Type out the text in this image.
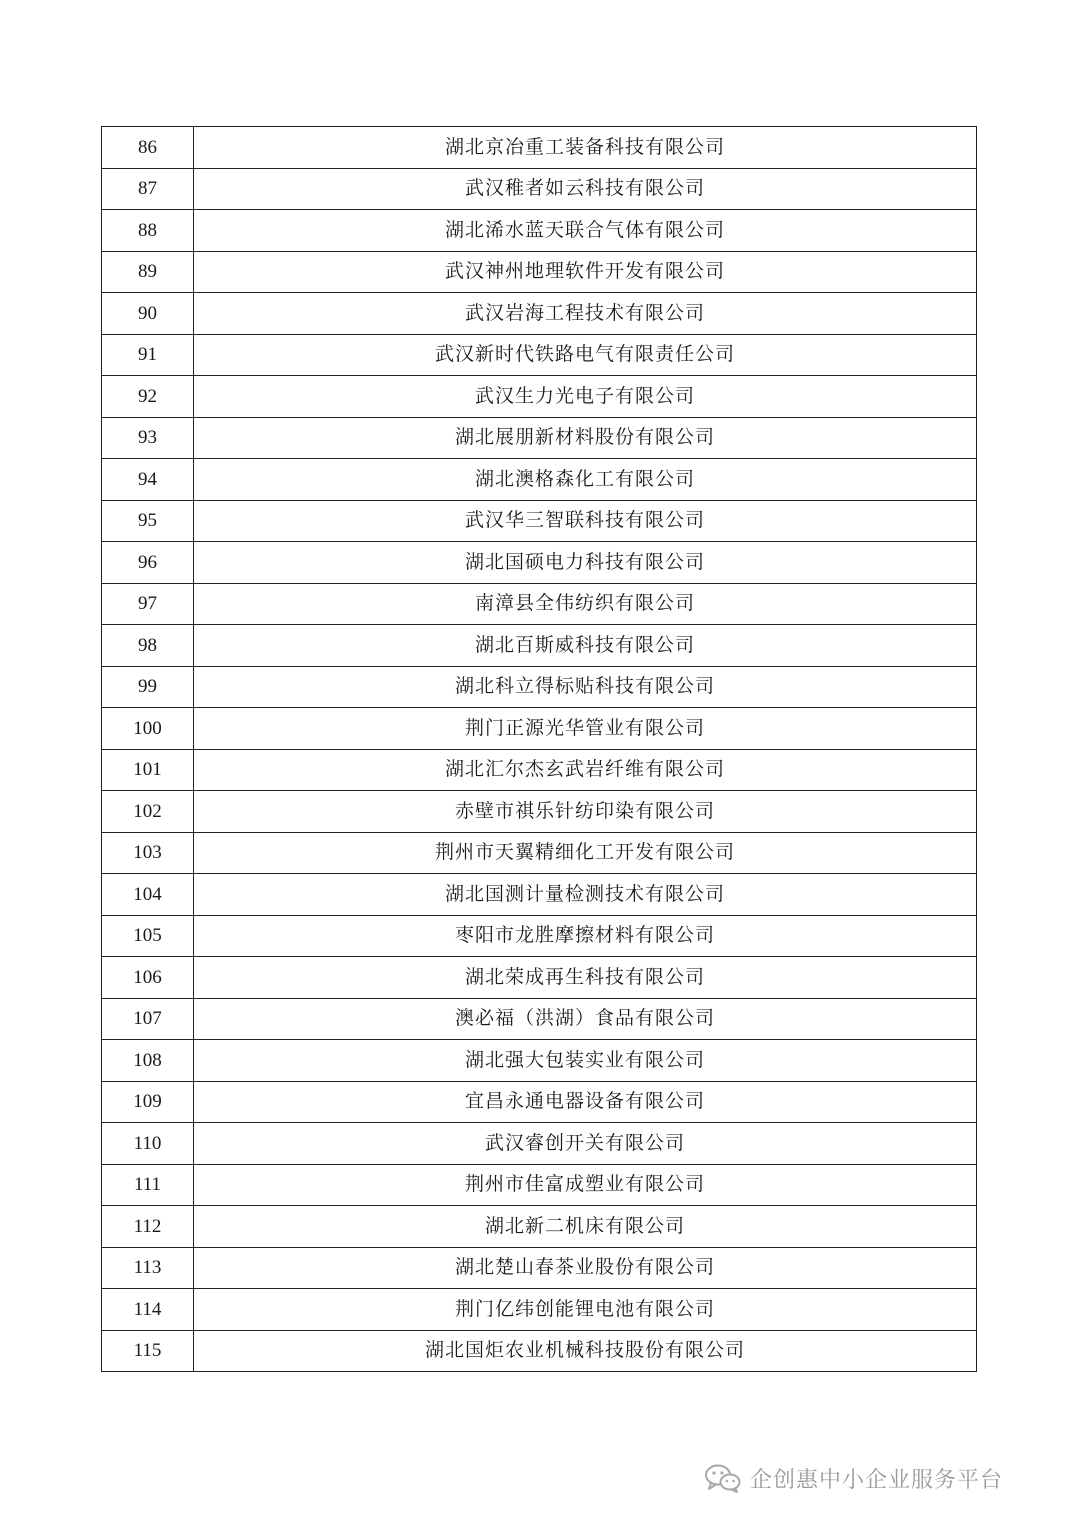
86	湖北京冶重工装备科技有限公司
87	武汉稚者如云科技有限公司
88	湖北浠水蓝天联合气体有限公司
89	武汉神州地理软件开发有限公司
90	武汉岩海工程技术有限公司
91	武汉新时代铁路电气有限责任公司
92	武汉生力光电子有限公司
93	湖北展朋新材料股份有限公司
94	湖北澳格森化工有限公司
95	武汉华三智联科技有限公司
96	湖北国硕电力科技有限公司
97	南漳县全伟纺织有限公司
98	湖北百斯威科技有限公司
99	湖北科立得标贴科技有限公司
100	荆门正源光华管业有限公司
101	湖北汇尔杰玄武岩纤维有限公司
102	赤壁市祺乐针纺印染有限公司
103	荆州市天翼精细化工开发有限公司
104	湖北国测计量检测技术有限公司
105	枣阳市龙胜摩擦材料有限公司
106	湖北荣成再生科技有限公司
107	澳必福（洪湖）食品有限公司
108	湖北强大包装实业有限公司
109	宜昌永通电器设备有限公司
110	武汉睿创开关有限公司
111	荆州市佳富成塑业有限公司
112	湖北新二机床有限公司
113	湖北楚山春茶业股份有限公司
114	荆门亿纬创能锂电池有限公司
115	湖北国炬农业机械科技股份有限公司
企创惠中小企业服务平台
